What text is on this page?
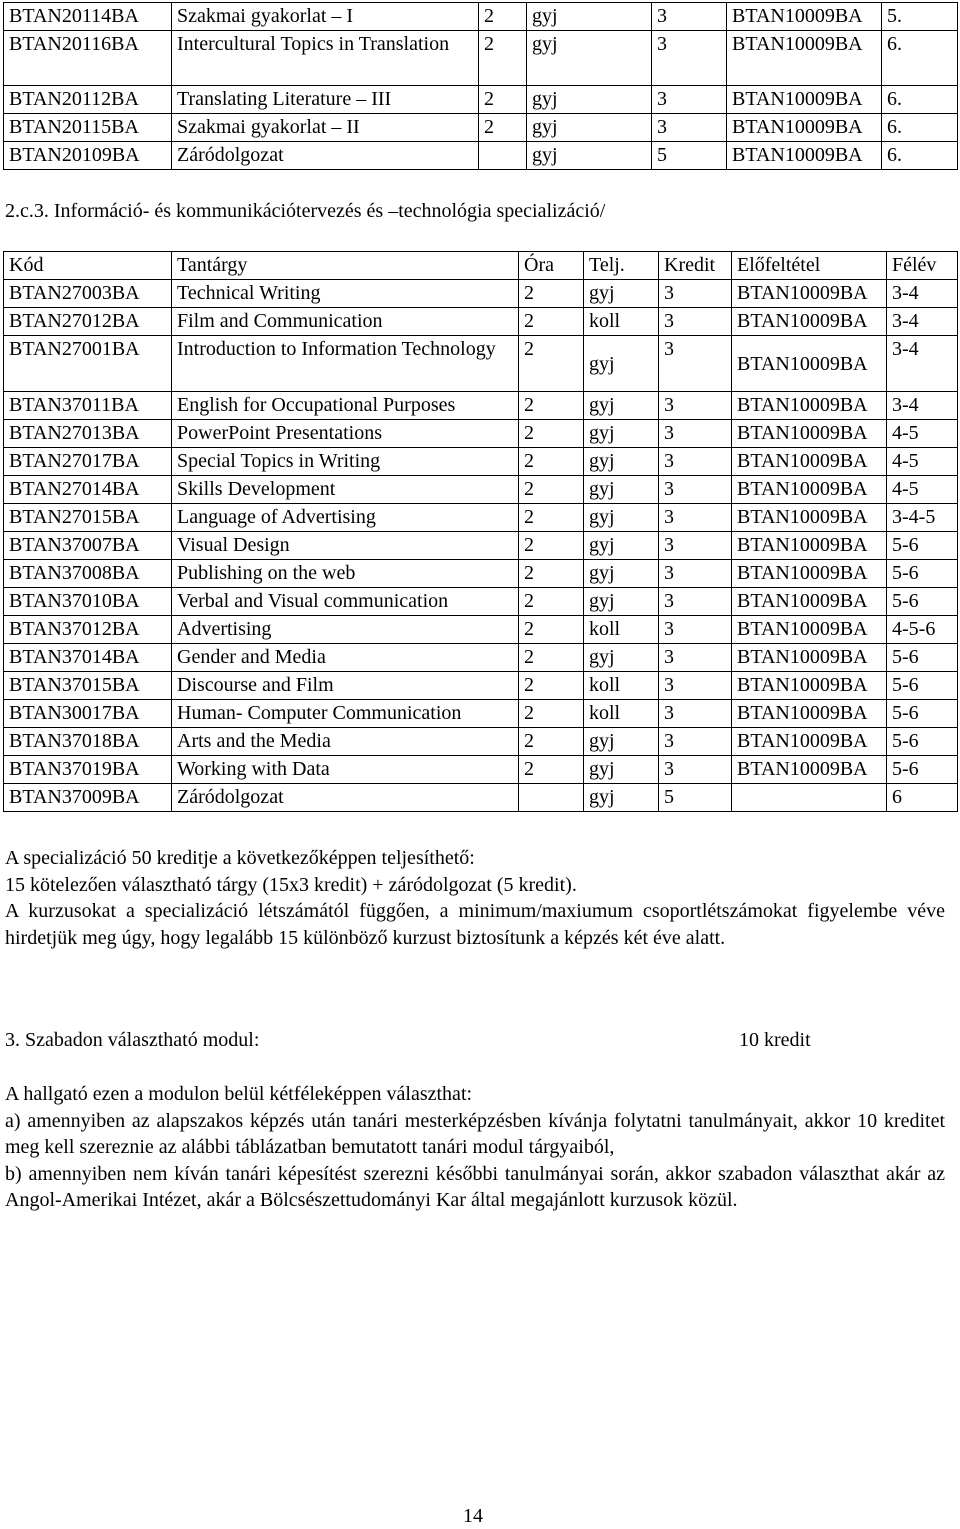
BTAN20114BA	Szakmai gyakorlat – I	2	gyj	3	BTAN10009BA	5.
BTAN20116BA	Intercultural Topics in Translation	2	gyj	3	BTAN10009BA	6.
BTAN20112BA	Translating Literature – III	2	gyj	3	BTAN10009BA	6.
BTAN20115BA	Szakmai gyakorlat – II	2	gyj	3	BTAN10009BA	6.
BTAN20109BA	Záródolgozat		gyj	5	BTAN10009BA	6.
2.c.3. Információ- és kommunikációtervezés és –technológia specializáció/
Kód	Tantárgy	Óra	Telj.	Kredit	Előfeltétel	Félév
BTAN27003BA	Technical Writing	2	gyj	3	BTAN10009BA	3-4
BTAN27012BA	Film and Communication	2	koll	3	BTAN10009BA	3-4
BTAN27001BA	Introduction to Information Technology	2	gyj	3	BTAN10009BA	3-4
BTAN37011BA	English for Occupational Purposes	2	gyj	3	BTAN10009BA	3-4
BTAN27013BA	PowerPoint Presentations	2	gyj	3	BTAN10009BA	4-5
BTAN27017BA	Special Topics in Writing	2	gyj	3	BTAN10009BA	4-5
BTAN27014BA	Skills Development	2	gyj	3	BTAN10009BA	4-5
BTAN27015BA	Language of Advertising	2	gyj	3	BTAN10009BA	3-4-5
BTAN37007BA	Visual Design	2	gyj	3	BTAN10009BA	5-6
BTAN37008BA	Publishing on the web	2	gyj	3	BTAN10009BA	5-6
BTAN37010BA	Verbal and Visual communication	2	gyj	3	BTAN10009BA	5-6
BTAN37012BA	Advertising	2	koll	3	BTAN10009BA	4-5-6
BTAN37014BA	Gender and Media	2	gyj	3	BTAN10009BA	5-6
BTAN37015BA	Discourse and Film	2	koll	3	BTAN10009BA	5-6
BTAN30017BA	Human- Computer Communication	2	koll	3	BTAN10009BA	5-6
BTAN37018BA	Arts and the Media	2	gyj	3	BTAN10009BA	5-6
BTAN37019BA	Working with Data	2	gyj	3	BTAN10009BA	5-6
BTAN37009BA	Záródolgozat		gyj	5		6
A specializáció 50 kreditje a következőképpen teljesíthető:
15 kötelezően választható tárgy (15x3 kredit) + záródolgozat (5 kredit).
A kurzusokat a specializáció létszámától függően, a minimum/maxiumum csoportlétszámokat figyelembe véve hirdetjük meg úgy, hogy legalább 15 különböző kurzust biztosítunk a képzés két éve alatt.
3. Szabadon választható modul:	10 kredit
A hallgató ezen a modulon belül kétféleképpen választhat:
a) amennyiben az alapszakos képzés után tanári mesterképzésben kívánja folytatni tanulmányait, akkor 10 kreditet meg kell szereznie az alábbi táblázatban bemutatott tanári modul tárgyaiból,
b) amennyiben nem kíván tanári képesítést szerezni későbbi tanulmányai során, akkor szabadon választhat akár az Angol-Amerikai Intézet, akár a Bölcsészettudományi Kar által megajánlott kurzusok közül.
14
